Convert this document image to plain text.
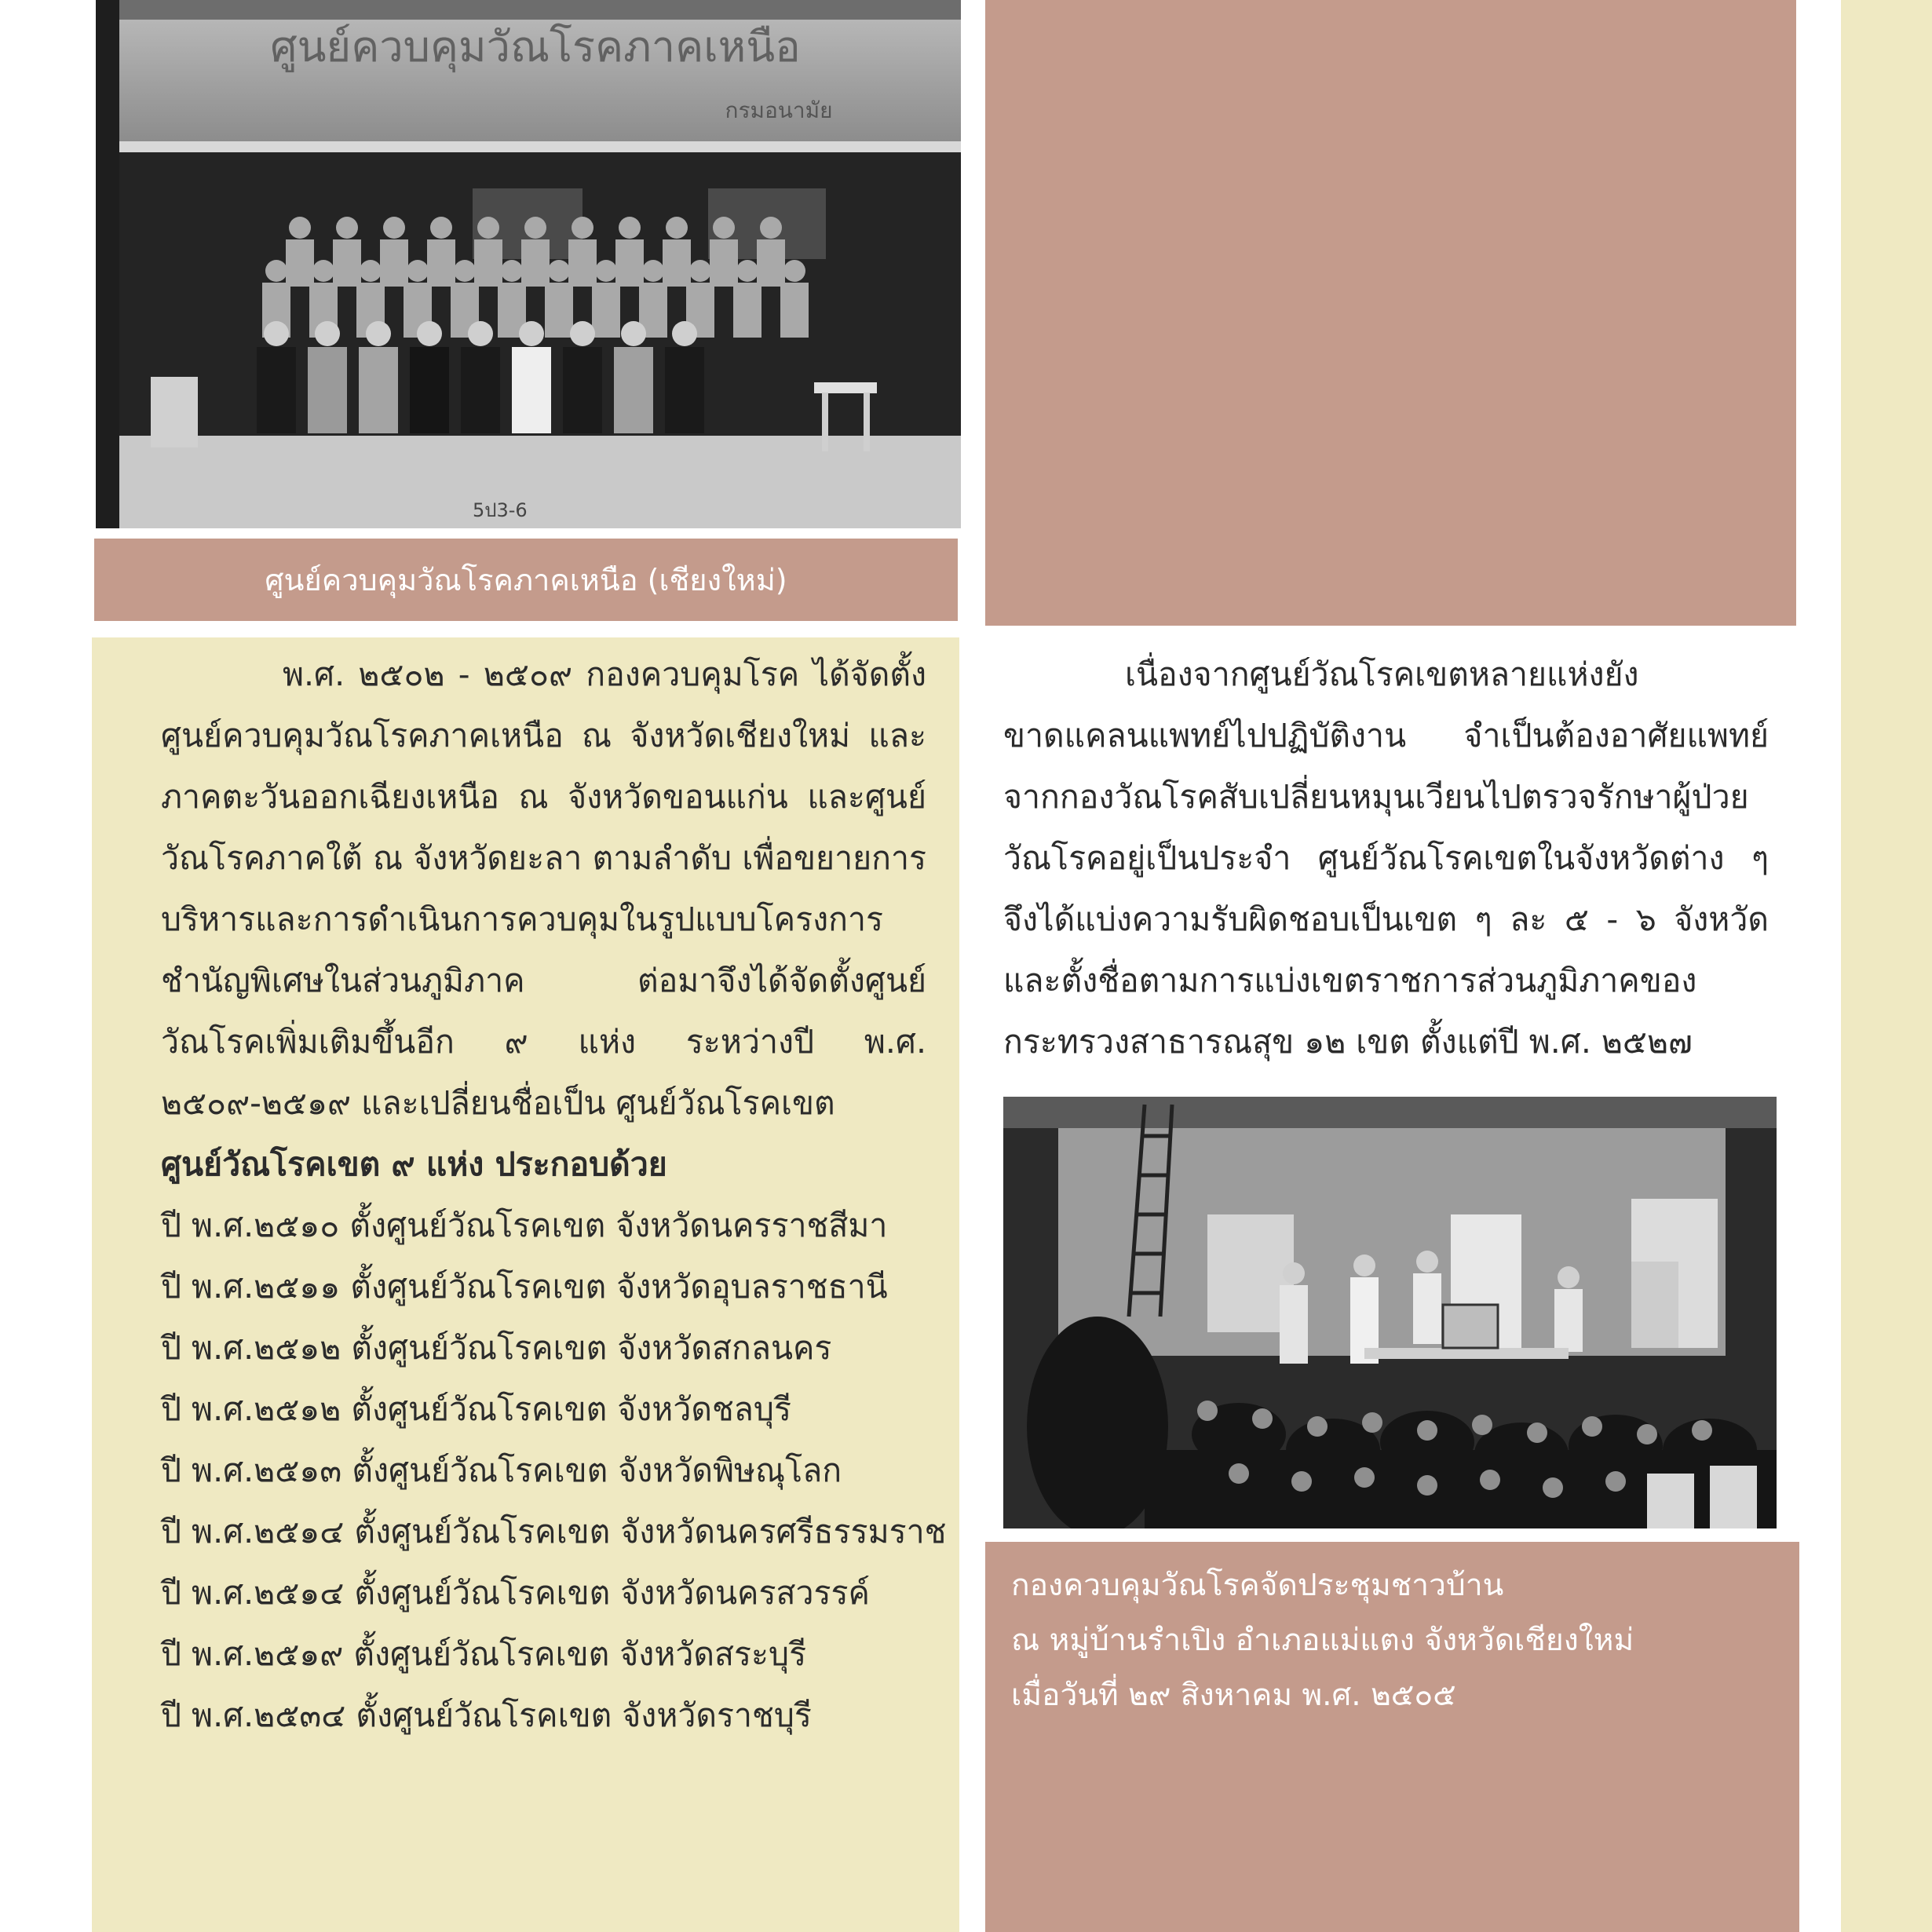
ศูนย์ควบคุมวัณโรคภาคเหนือ
กรมอนามัย
5ป3-6
ศูนย์ควบคุมวัณโรคภาคเหนือ (เชียงใหม่)

พ.ศ. ๒๕๐๒ - ๒๕๐๙ กองควบคุมโรค ได้จัดตั้งศูนย์ควบคุมวัณโรคภาคเหนือ ณ จังหวัดเชียงใหม่ และภาคตะวันออกเฉียงเหนือ ณ จังหวัดขอนแก่น และศูนย์วัณโรคภาคใต้ ณ จังหวัดยะลา ตามลำดับ เพื่อขยายการบริหารและการดำเนินการควบคุมในรูปแบบโครงการชำนัญพิเศษในส่วนภูมิภาค ต่อมาจึงได้จัดตั้งศูนย์วัณโรคเพิ่มเติมขึ้นอีก ๙ แห่ง ระหว่างปี พ.ศ. ๒๕๐๙-๒๕๑๙ และเปลี่ยนชื่อเป็น ศูนย์วัณโรคเขต

ศูนย์วัณโรคเขต ๙ แห่ง ประกอบด้วย

ปี พ.ศ.๒๕๑๐ ตั้งศูนย์วัณโรคเขต จังหวัดนครราชสีมา

ปี พ.ศ.๒๕๑๑ ตั้งศูนย์วัณโรคเขต จังหวัดอุบลราชธานี

ปี พ.ศ.๒๕๑๒ ตั้งศูนย์วัณโรคเขต จังหวัดสกลนคร

ปี พ.ศ.๒๕๑๒ ตั้งศูนย์วัณโรคเขต จังหวัดชลบุรี

ปี พ.ศ.๒๕๑๓ ตั้งศูนย์วัณโรคเขต จังหวัดพิษณุโลก

ปี พ.ศ.๒๕๑๔ ตั้งศูนย์วัณโรคเขต จังหวัดนครศรีธรรมราช

ปี พ.ศ.๒๕๑๔ ตั้งศูนย์วัณโรคเขต จังหวัดนครสวรรค์

ปี พ.ศ.๒๕๑๙ ตั้งศูนย์วัณโรคเขต จังหวัดสระบุรี

ปี พ.ศ.๒๕๓๔ ตั้งศูนย์วัณโรคเขต จังหวัดราชบุรี

เนื่องจากศูนย์วัณโรคเขตหลายแห่งยังขาดแคลนแพทย์ไปปฏิบัติงาน จำเป็นต้องอาศัยแพทย์จากกองวัณโรคสับเปลี่ยนหมุนเวียนไปตรวจรักษาผู้ป่วยวัณโรคอยู่เป็นประจำ ศูนย์วัณโรคเขตในจังหวัดต่าง ๆ จึงได้แบ่งความรับผิดชอบเป็นเขต ๆ ละ ๕ - ๖ จังหวัด และตั้งชื่อตามการแบ่งเขตราชการส่วนภูมิภาคของกระทรวงสาธารณสุข ๑๒ เขต ตั้งแต่ปี พ.ศ. ๒๕๒๗

กองควบคุมวัณโรคจัดประชุมชาวบ้าน
ณ หมู่บ้านรำเปิง อำเภอแม่แตง จังหวัดเชียงใหม่
เมื่อวันที่ ๒๙ สิงหาคม พ.ศ. ๒๕๐๕
